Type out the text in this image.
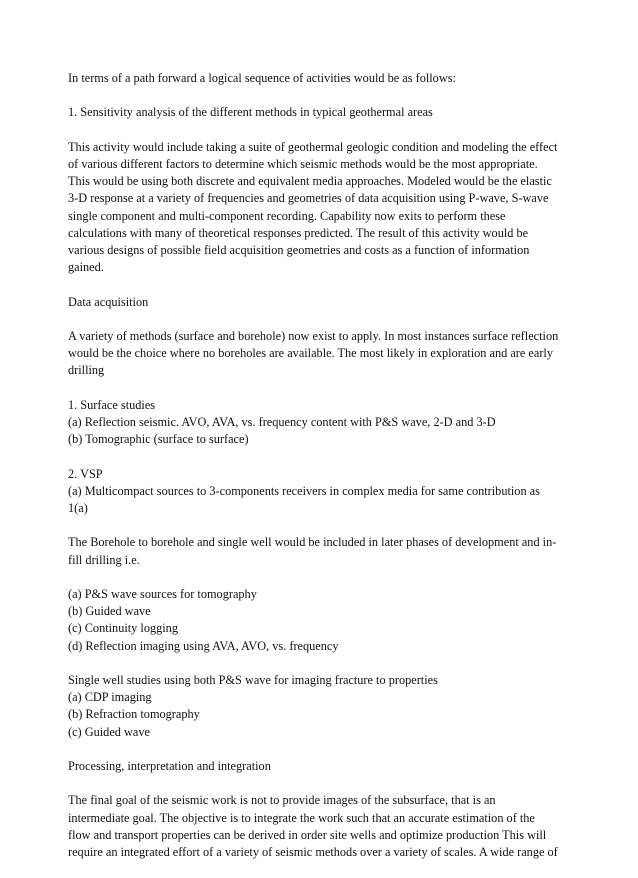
In terms of a path forward a logical sequence of activities would be as follows:

1. Sensitivity analysis of the different methods in typical geothermal areas

This activity would include taking a suite of geothermal geologic condition and modeling the effect
of various different factors to determine which seismic methods would be the most appropriate.
This would be using both discrete and equivalent media approaches. Modeled would be the elastic
3-D response at a variety of frequencies and geometries of data acquisition using P-wave, S-wave
single component and multi-component recording. Capability now exits to perform these
calculations with many of theoretical responses predicted. The result of this activity would be
various designs of possible field acquisition geometries and costs as a function of information
gained.

Data acquisition

A variety of methods (surface and borehole) now exist to apply. In most instances surface reflection
would be the choice where no boreholes are available. The most likely in exploration and are early
drilling

1. Surface studies
(a) Reflection seismic. AVO, AVA, vs. frequency content with P&S wave, 2-D and 3-D
(b) Tomographic (surface to surface)

2. VSP
(a) Multicompact sources to 3-components receivers in complex media for same contribution as
1(a)

The Borehole to borehole and single well would be included in later phases of development and in-
fill drilling i.e.

(a) P&S wave sources for tomography
(b) Guided wave
(c) Continuity logging
(d) Reflection imaging using AVA, AVO, vs. frequency

Single well studies using both P&S wave for imaging fracture to properties
(a) CDP imaging
(b) Refraction tomography
(c) Guided wave

Processing, interpretation and integration

The final goal of the seismic work is not to provide images of the subsurface, that is an
intermediate goal. The objective is to integrate the work such that an accurate estimation of the
flow and transport properties can be derived in order site wells and optimize production This will
require an integrated effort of a variety of seismic methods over a variety of scales. A wide range of
